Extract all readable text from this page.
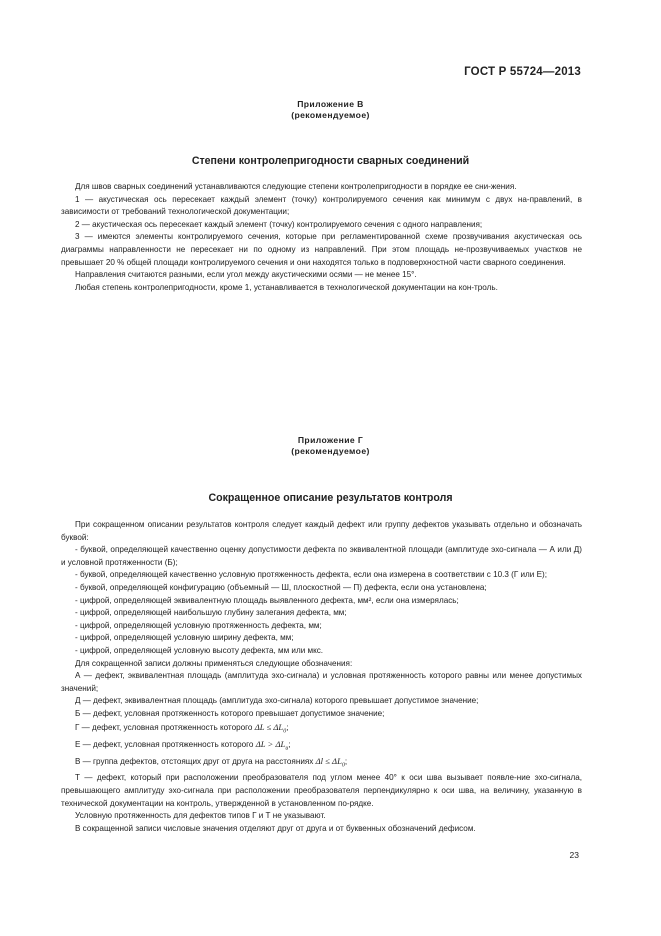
ГОСТ Р 55724—2013
Приложение В
(рекомендуемое)
Степени контролепригодности сварных соединений

Для швов сварных соединений устанавливаются следующие степени контролепригодности в порядке ее сни-жения.

1 — акустическая ось пересекает каждый элемент (точку) контролируемого сечения как минимум с двух на-правлений, в зависимости от требований технологической документации;

2 — акустическая ось пересекает каждый элемент (точку) контролируемого сечения с одного направления;

3 — имеются элементы контролируемого сечения, которые при регламентированной схеме прозвучивания акустическая ось диаграммы направленности не пересекает ни по одному из направлений. При этом площадь не-прозвучиваемых участков не превышает 20 % общей площади контролируемого сечения и они находятся только в подповерхностной части сварного соединения.

Направления считаются разными, если угол между акустическими осями — не менее 15°.

Любая степень контролепригодности, кроме 1, устанавливается в технологической документации на кон-троль.

Приложение Г
(рекомендуемое)
Сокращенное описание результатов контроля

При сокращенном описании результатов контроля следует каждый дефект или группу дефектов указывать отдельно и обозначать буквой:

- буквой, определяющей качественно оценку допустимости дефекта по эквивалентной площади (амплитуде эхо-сигнала — А или Д) и условной протяженности (Б);

- буквой, определяющей качественно условную протяженность дефекта, если она измерена в соответствии с 10.3 (Г или Е);

- буквой, определяющей конфигурацию (объемный — Ш, плоскостной — П) дефекта, если она установлена;

- цифрой, определяющей эквивалентную площадь выявленного дефекта, мм², если она измерялась;

- цифрой, определяющей наибольшую глубину залегания дефекта, мм;

- цифрой, определяющей условную протяженность дефекта, мм;

- цифрой, определяющей условную ширину дефекта, мм;

- цифрой, определяющей условную высоту дефекта, мм или мкс.

Для сокращенной записи должны применяться следующие обозначения:

А — дефект, эквивалентная площадь (амплитуда эхо-сигнала) и условная протяженность которого равны или менее допустимых значений;

Д — дефект, эквивалентная площадь (амплитуда эхо-сигнала) которого превышает допустимое значение;

Б — дефект, условная протяженность которого превышает допустимое значение;

Г — дефект, условная протяженность которого $\Delta L \le \Delta L_0$;

Е — дефект, условная протяженность которого $\Delta L > \Delta L_u$;

В — группа дефектов, отстоящих друг от друга на расстояниях $\Delta l \le \Delta L_0$;

Т — дефект, который при расположении преобразователя под углом менее 40° к оси шва вызывает появле-ние эхо-сигнала, превышающего амплитуду эхо-сигнала при расположении преобразователя перпендикулярно к оси шва, на величину, указанную в технической документации на контроль, утвержденной в установленном по-рядке.

Условную протяженность для дефектов типов Г и Т не указывают.

В сокращенной записи числовые значения отделяют друг от друга и от буквенных обозначений дефисом.

23
